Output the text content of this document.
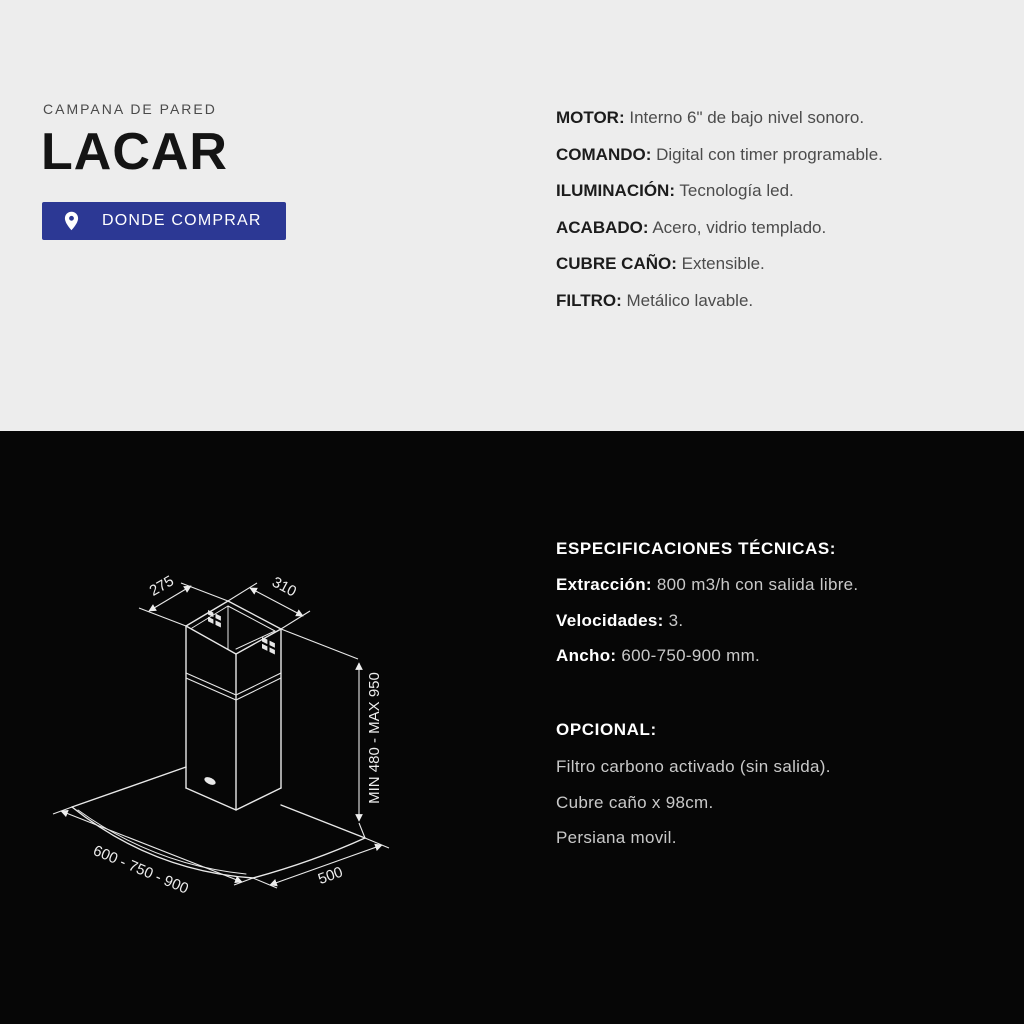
CAMPANA DE PARED
LACAR
DONDE COMPRAR

MOTOR: Interno 6" de bajo nivel sonoro.

COMANDO: Digital con timer programable.

ILUMINACIÓN: Tecnología led.

ACABADO: Acero, vidrio templado.

CUBRE CAÑO: Extensible.

FILTRO: Metálico lavable.

275	310
MIN 480 - MAX 950
600 - 750 - 900	500

ESPECIFICACIONES TÉCNICAS:

Extracción: 800 m3/h con salida libre.

Velocidades: 3.

Ancho: 600-750-900 mm.

OPCIONAL:

Filtro carbono activado (sin salida).

Cubre caño x 98cm.

Persiana movil.
